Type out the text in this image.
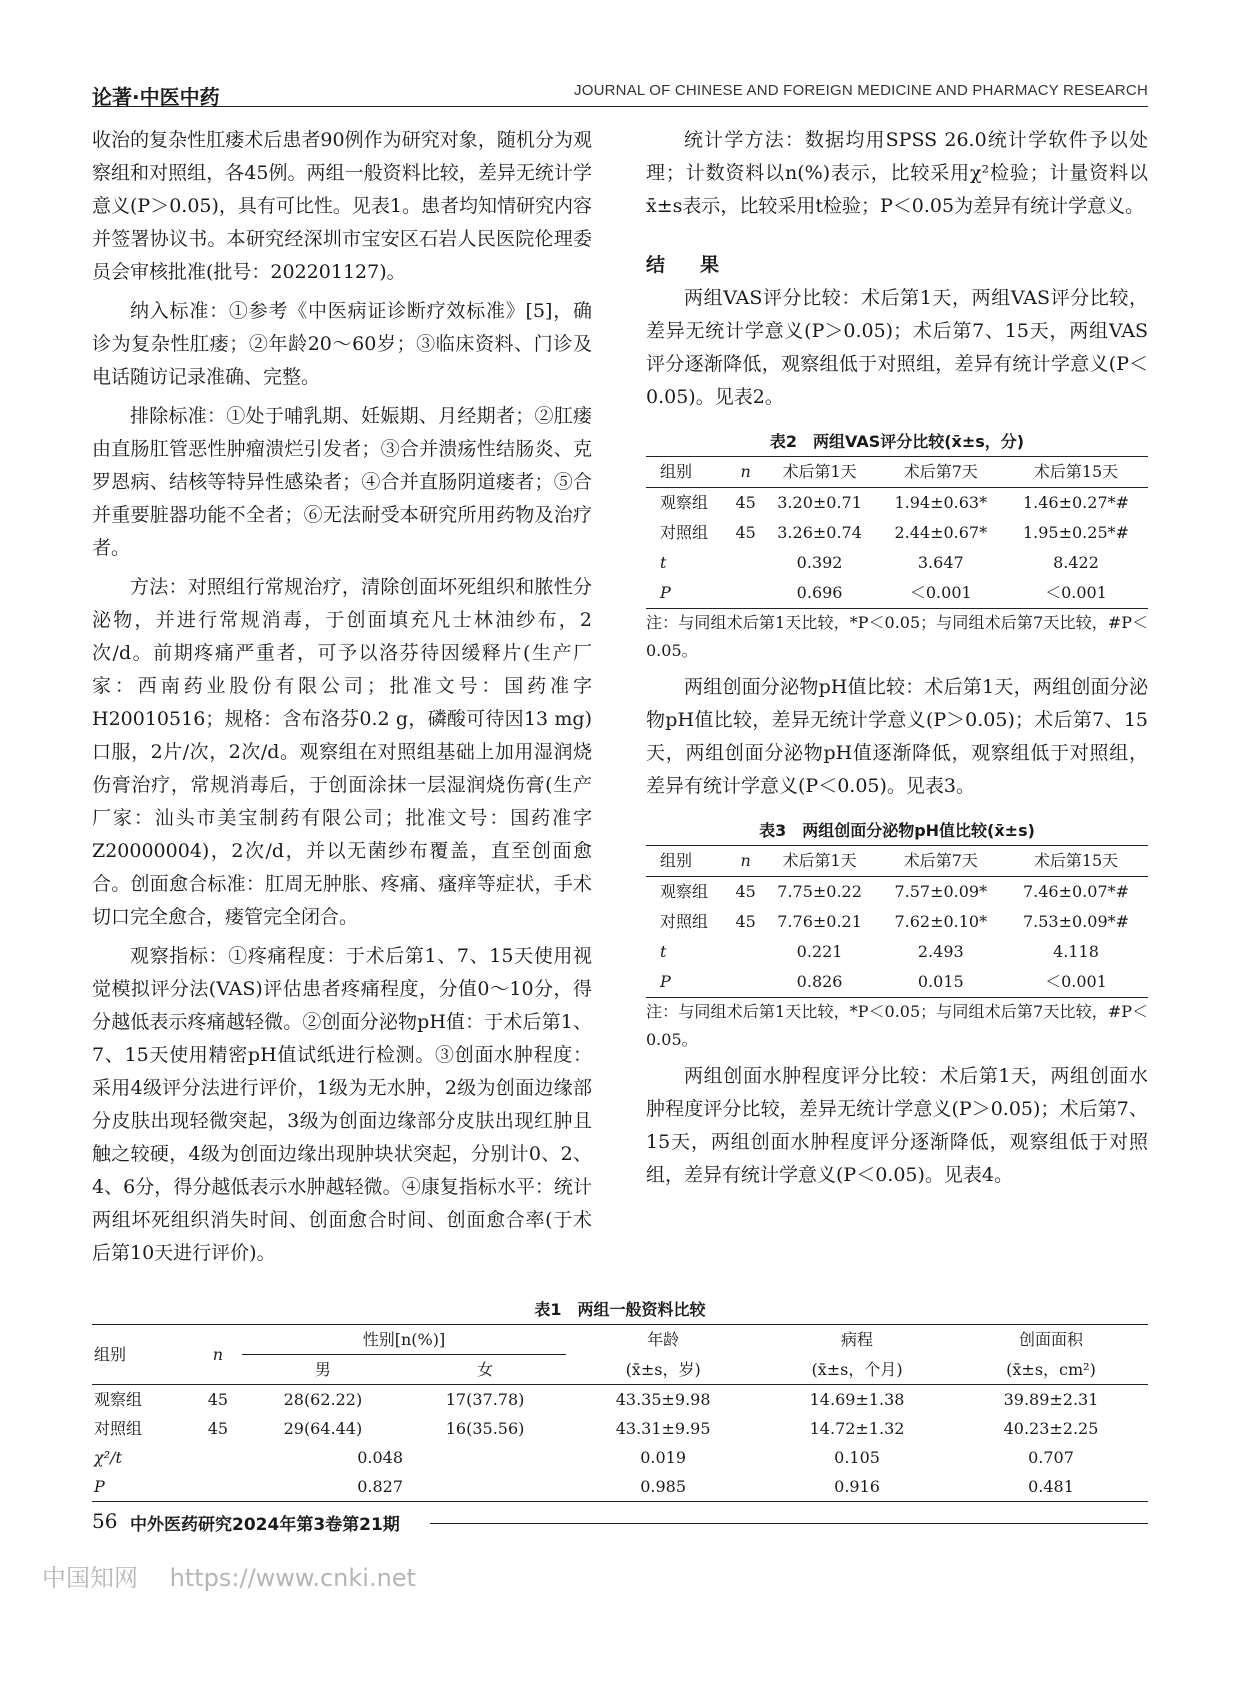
论著·中医中药	JOURNAL OF CHINESE AND FOREIGN MEDICINE AND PHARMACY RESEARCH

收治的复杂性肛瘘术后患者90例作为研究对象，随机分为观察组和对照组，各45例。两组一般资料比较，差异无统计学意义(P＞0.05)，具有可比性。见表1。患者均知情研究内容并签署协议书。本研究经深圳市宝安区石岩人民医院伦理委员会审核批准(批号：202201127)。

纳入标准：①参考《中医病证诊断疗效标准》[5]，确诊为复杂性肛瘘；②年龄20～60岁；③临床资料、门诊及电话随访记录准确、完整。

排除标准：①处于哺乳期、妊娠期、月经期者；②肛瘘由直肠肛管恶性肿瘤溃烂引发者；③合并溃疡性结肠炎、克罗恩病、结核等特异性感染者；④合并直肠阴道瘘者；⑤合并重要脏器功能不全者；⑥无法耐受本研究所用药物及治疗者。

方法：对照组行常规治疗，清除创面坏死组织和脓性分泌物，并进行常规消毒，于创面填充凡士林油纱布，2次/d。前期疼痛严重者，可予以洛芬待因缓释片(生产厂家：西南药业股份有限公司；批准文号：国药准字H20010516；规格：含布洛芬0.2 g，磷酸可待因13 mg)口服，2片/次，2次/d。观察组在对照组基础上加用湿润烧伤膏治疗，常规消毒后，于创面涂抹一层湿润烧伤膏(生产厂家：汕头市美宝制药有限公司；批准文号：国药准字Z20000004)，2次/d，并以无菌纱布覆盖，直至创面愈合。创面愈合标准：肛周无肿胀、疼痛、瘙痒等症状，手术切口完全愈合，瘘管完全闭合。

观察指标：①疼痛程度：于术后第1、7、15天使用视觉模拟评分法(VAS)评估患者疼痛程度，分值0～10分，得分越低表示疼痛越轻微。②创面分泌物pH值：于术后第1、7、15天使用精密pH值试纸进行检测。③创面水肿程度：采用4级评分法进行评价，1级为无水肿，2级为创面边缘部分皮肤出现轻微突起，3级为创面边缘部分皮肤出现红肿且触之较硬，4级为创面边缘出现肿块状突起，分别计0、2、4、6分，得分越低表示水肿越轻微。④康复指标水平：统计两组坏死组织消失时间、创面愈合时间、创面愈合率(于术后第10天进行评价)。

统计学方法：数据均用SPSS 26.0统计学软件予以处理；计数资料以n(%)表示，比较采用χ²检验；计量资料以x̄±s表示，比较采用t检验；P＜0.05为差异有统计学意义。

结　果

两组VAS评分比较：术后第1天，两组VAS评分比较，差异无统计学意义(P＞0.05)；术后第7、15天，两组VAS评分逐渐降低，观察组低于对照组，差异有统计学意义(P＜0.05)。见表2。

表2　两组VAS评分比较(x̄±s，分)
组别	n	术后第1天	术后第7天	术后第15天
观察组	45	3.20±0.71	1.94±0.63*	1.46±0.27*#
对照组	45	3.26±0.74	2.44±0.67*	1.95±0.25*#
t		0.392	3.647	8.422
P		0.696	＜0.001	＜0.001

注：与同组术后第1天比较，*P＜0.05；与同组术后第7天比较，#P＜0.05。

两组创面分泌物pH值比较：术后第1天，两组创面分泌物pH值比较，差异无统计学意义(P＞0.05)；术后第7、15天，两组创面分泌物pH值逐渐降低，观察组低于对照组，差异有统计学意义(P＜0.05)。见表3。

表3　两组创面分泌物pH值比较(x̄±s)
组别	n	术后第1天	术后第7天	术后第15天
观察组	45	7.75±0.22	7.57±0.09*	7.46±0.07*#
对照组	45	7.76±0.21	7.62±0.10*	7.53±0.09*#
t		0.221	2.493	4.118
P		0.826	0.015	＜0.001

注：与同组术后第1天比较，*P＜0.05；与同组术后第7天比较，#P＜0.05。

两组创面水肿程度评分比较：术后第1天，两组创面水肿程度评分比较，差异无统计学意义(P＞0.05)；术后第7、15天，两组创面水肿程度评分逐渐降低，观察组低于对照组，差异有统计学意义(P＜0.05)。见表4。

表1　两组一般资料比较
组别	n	性别[n(%)]		年龄	病程	创面面积
		男	女	(x̄±s，岁)	(x̄±s，个月)	(x̄±s，cm²)
观察组	45	28(62.22)	17(37.78)	43.35±9.98	14.69±1.38	39.89±2.31
对照组	45	29(64.44)	16(35.56)	43.31±9.95	14.72±1.32	40.23±2.25
χ²/t	0.048			0.019	0.105	0.707
P	0.827			0.985	0.916	0.481
56 中外医药研究2024年第3卷第21期
中国知网 https://www.cnki.net
